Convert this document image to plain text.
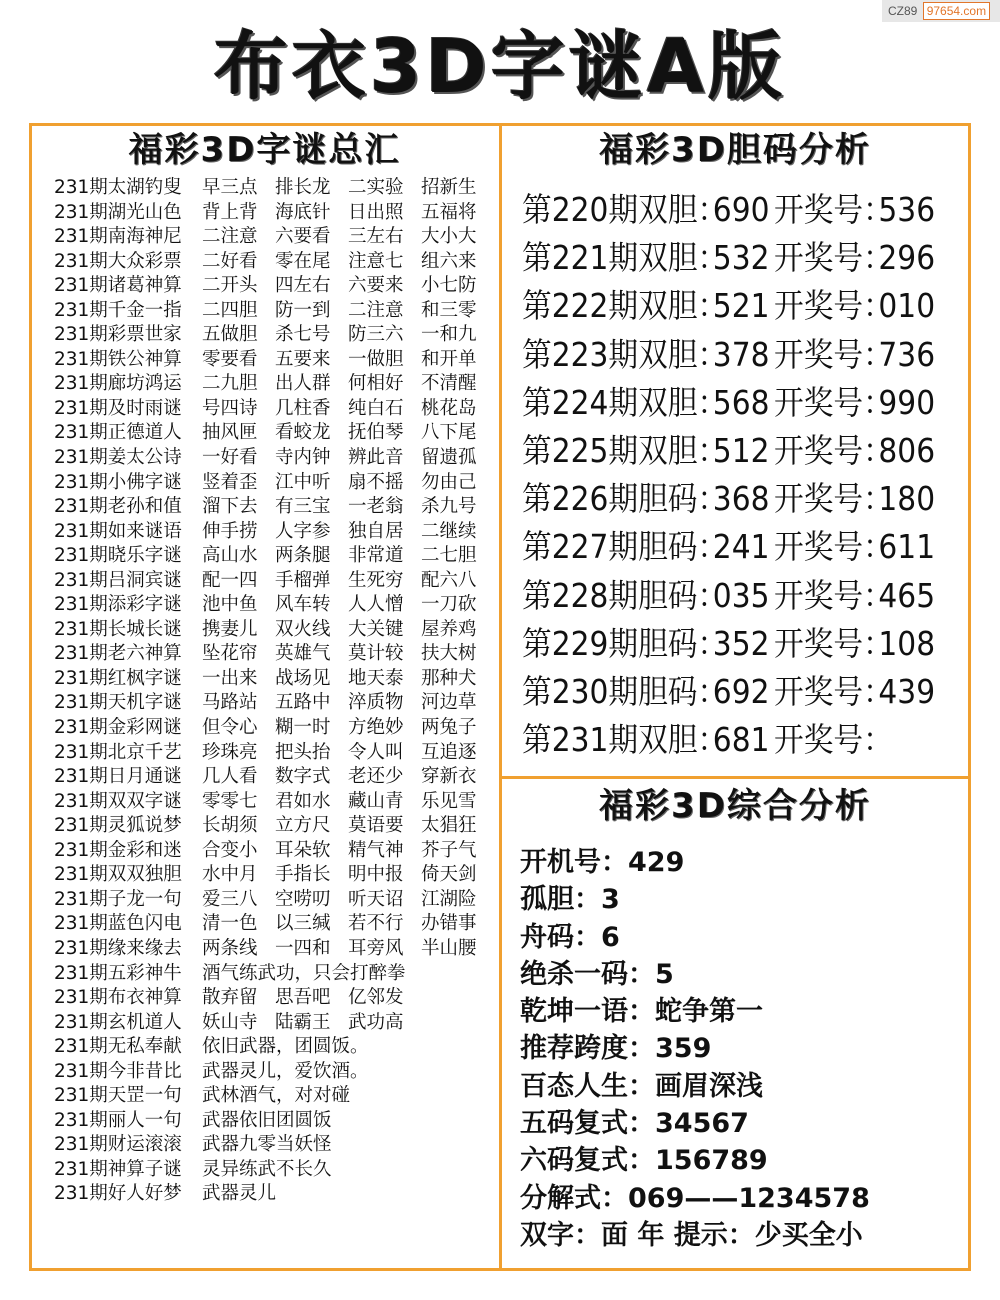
CZ89 97654.com
布衣3D字谜A版
福彩3D字谜总汇	福彩3D胆码分析
福彩3D综合分析
231期太湖钓叟 早三点 排长龙 二实验 招新生
231期湖光山色 背上背 海底针 日出照 五福将
231期南海神尼 二注意 六要看 三左右 大小大
231期大众彩票 二好看 零在尾 注意七 组六来
231期诸葛神算 二开头 四左右 六要来 小七防
231期千金一指 二四胆 防一到 二注意 和三零
231期彩票世家 五做胆 杀七号 防三六 一和九
231期铁公神算 零要看 五要来 一做胆 和开单
231期廊坊鸿运 二九胆 出人群 何相好 不清醒
231期及时雨谜 号四诗 几柱香 纯白石 桃花岛
231期正德道人 抽风匣 看蛟龙 抚伯琴 八下尾
231期姜太公诗 一好看 寺内钟 辨此音 留遗孤
231期小佛字谜 竖着歪 江中听 扇不摇 勿由己
231期老孙和值 溜下去 有三宝 一老翁 杀九号
231期如来谜语 伸手捞 人字参 独自居 二继续
231期晓乐字谜 高山水 两条腿 非常道 二七胆
231期吕洞宾谜 配一四 手榴弹 生死穷 配六八
231期添彩字谜 池中鱼 风车转 人人憎 一刀砍
231期长城长谜 携妻儿 双火线 大关键 屋养鸡
231期老六神算 坠花帘 英雄气 莫计较 扶大树
231期红枫字谜 一出来 战场见 地天泰 那种犬
231期天机字谜 马路站 五路中 淬质物 河边草
231期金彩网谜 但令心 糊一时 方绝妙 两兔子
231期北京千艺 珍珠亮 把头抬 令人叫 互追逐
231期日月通谜 几人看 数字式 老还少 穿新衣
231期双双字谜 零零七 君如水 藏山青 乐见雪
231期灵狐说梦 长胡须 立方尺 莫语要 太猖狂
231期金彩和迷 合变小 耳朵软 精气神 芥子气
231期双双独胆 水中月 手指长 明中报 倚天剑
231期子龙一句 爱三八 空唠叨 听天诏 江湖险
231期蓝色闪电 清一色 以三缄 若不行 办错事
231期缘来缘去 两条线 一四和 耳旁风 半山腰
231期五彩神牛 酒气练武功，只会打醉拳
231期布衣神算 散弃留 思吾吧 亿邻发
231期玄机道人 妖山寺 陆霸王 武功高
231期无私奉献 依旧武器，团圆饭。
231期今非昔比 武器灵儿，爱饮酒。
231期天罡一句 武林酒气，对对碰
231期丽人一句 武器依旧团圆饭
231期财运滚滚 武器九零当妖怪
231期神算子谜 灵异练武不长久
231期好人好梦 武器灵儿
第220期双胆：690 开奖号：536
第221期双胆：532 开奖号：296
第222期双胆：521 开奖号：010
第223期双胆：378 开奖号：736
第224期双胆：568 开奖号：990
第225期双胆：512 开奖号：806
第226期胆码：368 开奖号：180
第227期胆码：241 开奖号：611
第228期胆码：035 开奖号：465
第229期胆码：352 开奖号：108
第230期胆码：692 开奖号：439
第231期双胆：681 开奖号：
开机号：429
孤胆：3
舟码：6
绝杀一码：5
乾坤一语：蛇争第一
推荐跨度：359
百态人生：画眉深浅
五码复式：34567
六码复式：156789
分解式：069——1234578
双字：面 年 提示：少买全小
